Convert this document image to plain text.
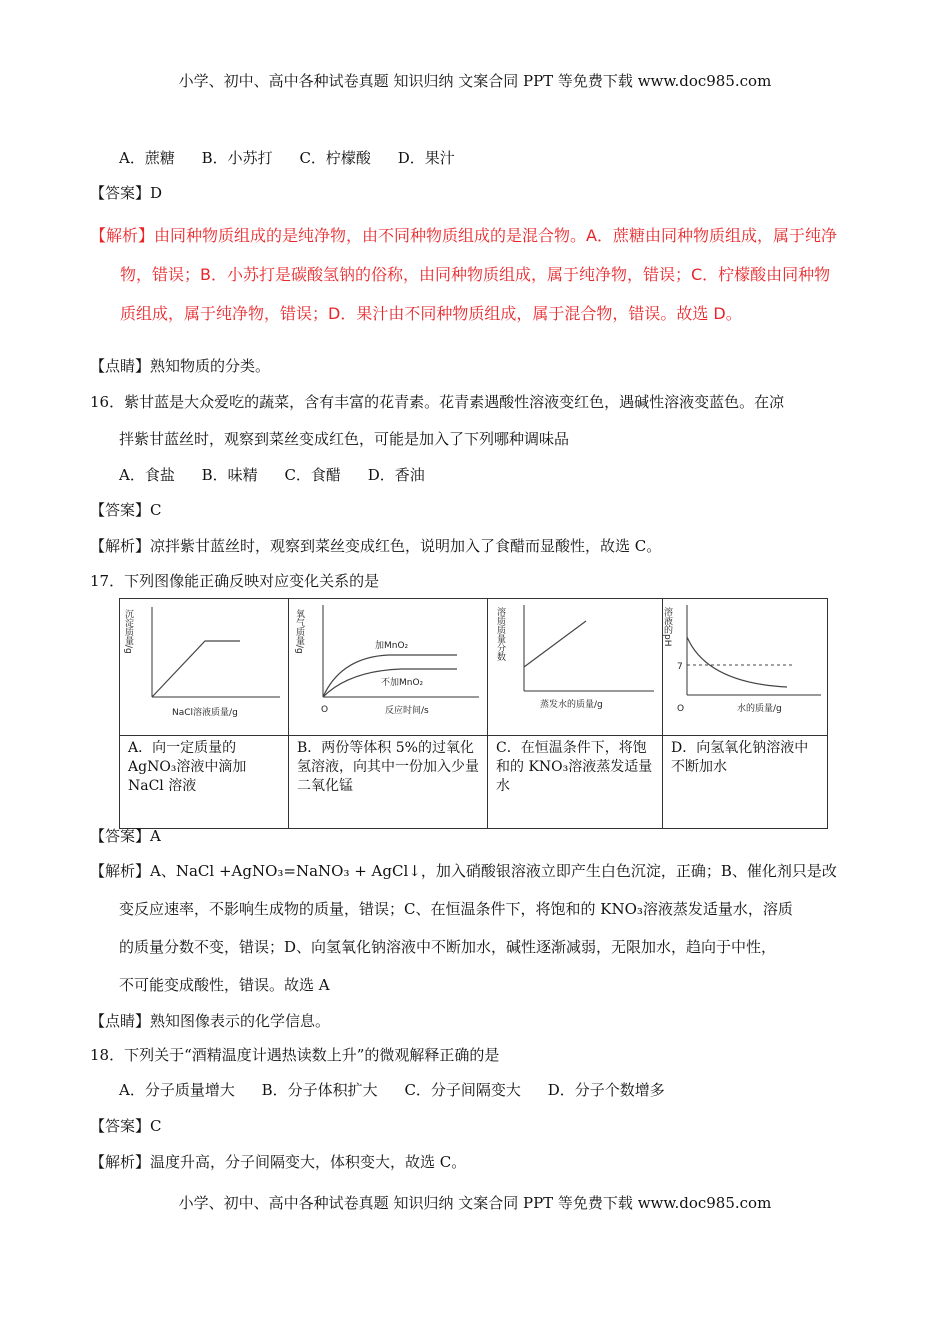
小学、初中、高中各种试卷真题 知识归纳 文案合同 PPT 等免费下载 www.doc985.com
A．蔗糖 B．小苏打 C．柠檬酸 D．果汁
【答案】D
【解析】由同种物质组成的是纯净物，由不同种物质组成的是混合物。A．蔗糖由同种物质组成，属于纯净
物，错误；B．小苏打是碳酸氢钠的俗称，由同种物质组成，属于纯净物，错误；C．柠檬酸由同种物
质组成，属于纯净物，错误；D．果汁由不同种物质组成，属于混合物，错误。故选 D。
【点睛】熟知物质的分类。
16．紫甘蓝是大众爱吃的蔬菜，含有丰富的花青素。花青素遇酸性溶液变红色，遇碱性溶液变蓝色。在凉
拌紫甘蓝丝时，观察到菜丝变成红色，可能是加入了下列哪种调味品
A．食盐 B．味精 C．食醋 D．香油
【答案】C
【解析】凉拌紫甘蓝丝时，观察到菜丝变成红色，说明加入了食醋而显酸性，故选 C。
17．下列图像能正确反映对应变化关系的是
沉淀质量/g
NaCl溶液质量/g	氧气质量/g 加MnO₂
不加MnO₂
O 反应时间/s	溶质质量分数
蒸发水的质量/g	溶液的pH
7
O 水的质量/g

A．向一定质量的 AgNO₃溶液中滴加 NaCl 溶液	B．两份等体积 5%的过氧化氢溶液，向其中一份加入少量二氧化锰	C．在恒温条件下，将饱和的 KNO₃溶液蒸发适量水	D．向氢氧化钠溶液中不断加水
【答案】A
【解析】A、NaCl +AgNO₃=NaNO₃ + AgCl↓，加入硝酸银溶液立即产生白色沉淀，正确；B、催化剂只是改
变反应速率，不影响生成物的质量，错误；C、在恒温条件下，将饱和的 KNO₃溶液蒸发适量水，溶质
的质量分数不变，错误；D、向氢氧化钠溶液中不断加水，碱性逐渐减弱，无限加水，趋向于中性，
不可能变成酸性，错误。故选 A
【点睛】熟知图像表示的化学信息。
18．下列关于“酒精温度计遇热读数上升”的微观解释正确的是
A．分子质量增大 B．分子体积扩大 C．分子间隔变大 D．分子个数增多
【答案】C
【解析】温度升高，分子间隔变大，体积变大，故选 C。
小学、初中、高中各种试卷真题 知识归纳 文案合同 PPT 等免费下载 www.doc985.com
